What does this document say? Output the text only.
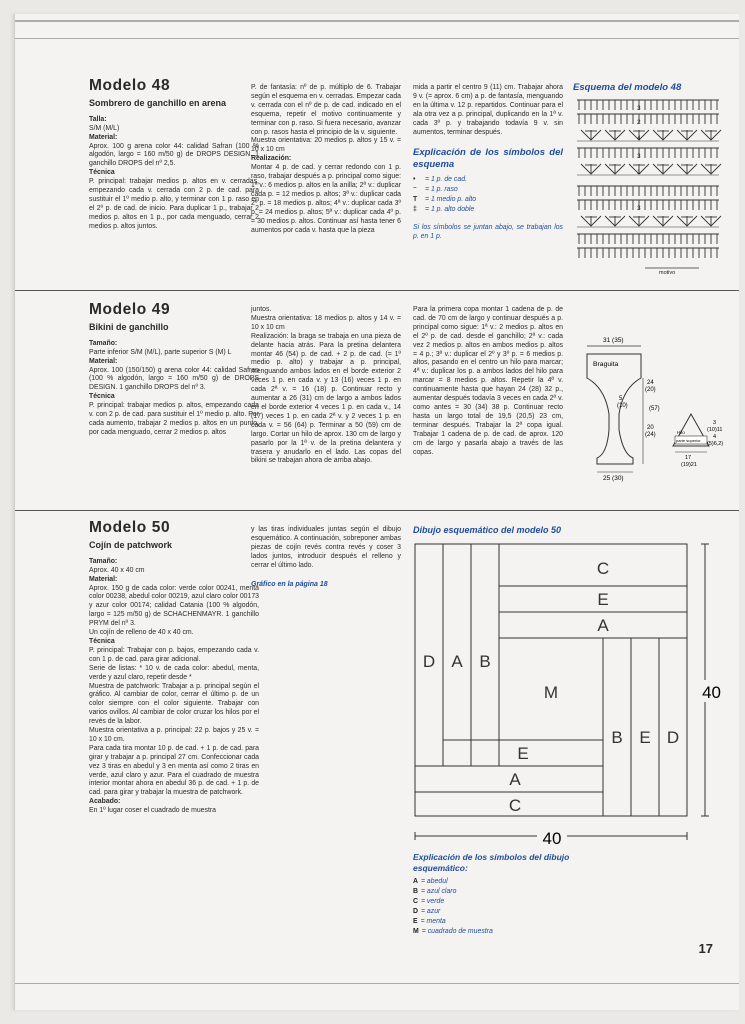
Modelo 48
Sombrero de ganchillo en arena

Talla:

S/M (M/L)

Material:

Aprox. 100 g arena color 44: calidad Safran (100 % algodón, largo = 160 m/50 g) de DROPS DESIGN. 1 ganchillo DROPS del nº 2,5.

Técnica

P. principal: trabajar medios p. altos en v. cerradas, empezando cada v. cerrada con 2 p. de cad. para sustituir el 1º medio p. alto, y terminar con 1 p. raso en el 2º p. de cad. de inicio. Para duplicar 1 p., trabajar 2 medios p. altos en 1 p., por cada menguado, cerrar 2 medios p. altos juntos.

P. de fantasía: nº de p. múltiplo de 6. Trabajar según el esquema en v. cerradas. Empezar cada v. cerrada con el nº de p. de cad. indicado en el esquema, repetir el motivo continuamente y terminar con p. raso. Si fuera necesario, avanzar con p. rasos hasta el principio de la v. siguiente.

Muestra orientativa: 20 medios p. altos y 15 v. = 10 x 10 cm

Realización:

Montar 4 p. de cad. y cerrar redondo con 1 p. raso, trabajar después a p. principal como sigue: 1ª v.: 6 medios p. altos en la anilla; 2ª v.: duplicar cada p. = 12 medios p. altos; 3ª v.: duplicar cada 2º p. = 18 medios p. altos; 4ª v.: duplicar cada 3º p. = 24 medios p. altos; 5ª v.: duplicar cada 4º p. = 30 medios p. altos. Continuar así hasta tener 6 aumentos por cada v. hasta que la pieza

mida a partir el centro 9 (11) cm. Trabajar ahora 9 v. (= aprox. 6 cm) a p. de fantasía, menguando en la última v. 12 p. repartidos. Continuar para el ala otra vez a p. principal, duplicando en la 1ª v. cada 3º p. y trabajando todavía 9 v. sin aumentos, terminar después.

Explicación de los símbolos del esquema
• = 1 p. de cad.
⁻ = 1 p. raso
T = 1 medio p. alto
‡ = 1 p. alto doble
Si los símbolos se juntan abajo, se trabajan los p. en 1 p.
Esquema del modelo 48
3
2
4
3
1
3
motivo
Modelo 49
Bikini de ganchillo

Tamaño:

Parte inferior S/M (M/L), parte superior S (M) L

Material:

Aprox. 100 (150/150) g arena color 44: calidad Safran (100 % algodón, largo = 160 m/50 g) de DROPS DESIGN. 1 ganchillo DROPS del nº 3.

Técnica

P. principal: trabajar medios p. altos, empezando cada v. con 2 p. de cad. para sustituir el 1º medio p. alto. Por cada aumento, trabajar 2 medios p. altos en un punto, por cada menguado, cerrar 2 medios p. altos

juntos.

Muestra orientativa: 18 medios p. altos y 14 v. = 10 x 10 cm

Realización: la braga se trabaja en una pieza de delante hacia atrás. Para la pretina delantera montar 46 (54) p. de cad. + 2 p. de cad. (= 1º medio p. alto) y trabajar a p. principal, menguando ambos lados en el borde exterior 2 veces 1 p. en cada v. y 13 (16) veces 1 p. en cada 2ª v. = 16 (18) p. Continuar recto y aumentar a 26 (31) cm de largo a ambos lados en el borde exterior 4 veces 1 p. en cada v., 14 (17) veces 1 p. en cada 2ª v. y 2 veces 1 p. en cada v. = 56 (64) p. Terminar a 50 (59) cm de largo. Cortar un hilo de aprox. 130 cm de largo y pasarlo por la 1ª v. de la pretina delantera y trasera y anudarlo en el lado. Las copas del bikini se trabajan ahora de arriba abajo.

Para la primera copa montar 1 cadena de p. de cad. de 70 cm de largo y continuar después a p. principal como sigue: 1ª v.: 2 medios p. altos en el 2º p. de cad. desde el ganchillo; 2ª v.: cada vez 2 medios p. altos en ambos medios p. altos = 4 p.; 3ª v.: duplicar el 2º y 3º p. = 6 medios p. altos, pasando en el centro un hilo para marcar; 4ª v.: duplicar los p. a ambos lados del hilo para marcar = 8 medios p. altos. Repetir la 4ª v. continuamente hasta que hayan 24 (28) 32 p., aumentar después todavía 3 veces en cada 2ª v. como antes = 30 (34) 38 p. Continuar recto hasta un largo total de 19,5 (20,5) 23 cm, terminar después. Trabajar la 2ª copa igual. Trabajar 1 cadena de p. de cad. de aprox. 120 cm de largo y pasarla abajo a través de las copas.

31 (35)
Braguita
24
(20)
20
(24)
5
(10)	(57)
25 (30)
Hilo
parte superior
3
(10)11
4
(5)6,2)
17
(19)21
Modelo 50
Cojín de patchwork

Tamaño:

Aprox. 40 x 40 cm

Material:

Aprox. 150 g de cada color: verde color 00241, menta color 00238, abedul color 00219, azul claro color 00173 y azur color 00174; calidad Catania (100 % algodón, largo = 125 m/50 g) de SCHACHENMAYR. 1 ganchillo PRYM del nº 3.

Un cojín de relleno de 40 x 40 cm.

Técnica

P. principal: Trabajar con p. bajos, empezando cada v. con 1 p. de cad. para girar adicional.

Serie de listas: * 10 v. de cada color: abedul, menta, verde y azul claro, repetir desde *

Muestra de patchwork: Trabajar a p. principal según el gráfico. Al cambiar de color, cerrar el último p. de un color siempre con el color siguiente. Trabajar con varios ovillos. Al cambiar de color cruzar los hilos por el revés de la labor.

Muestra orientativa a p. principal: 22 p. bajos y 25 v. = 10 x 10 cm.

Para cada tira montar 10 p. de cad. + 1 p. de cad. para girar y trabajar a p. principal 27 cm. Confeccionar cada vez 3 tiras en abedul y 3 en menta así como 2 tiras en verde, azul claro y azur. Para el cuadrado de muestra interior montar ahora en abedul 36 p. de cad. + 1 p. de cad. para girar y trabajar la muestra de patchwork.

Acabado:

En 1º lugar coser el cuadrado de muestra

y las tiras individuales juntas según el dibujo esquemático. A continuación, sobreponer ambas piezas de cojín revés contra revés y coser 3 lados juntos, introducir después el relleno y cerrar el último lado.

Gráfico en la página 18
Dibujo esquemático del modelo 50
C
E
A
D A B
M
B E D
E
A
C
40
40
Explicación de los símbolos del dibujo esquemático:
A = abedul
B = azul claro
C = verde
D = azur
E = menta
M = cuadrado de muestra
17
